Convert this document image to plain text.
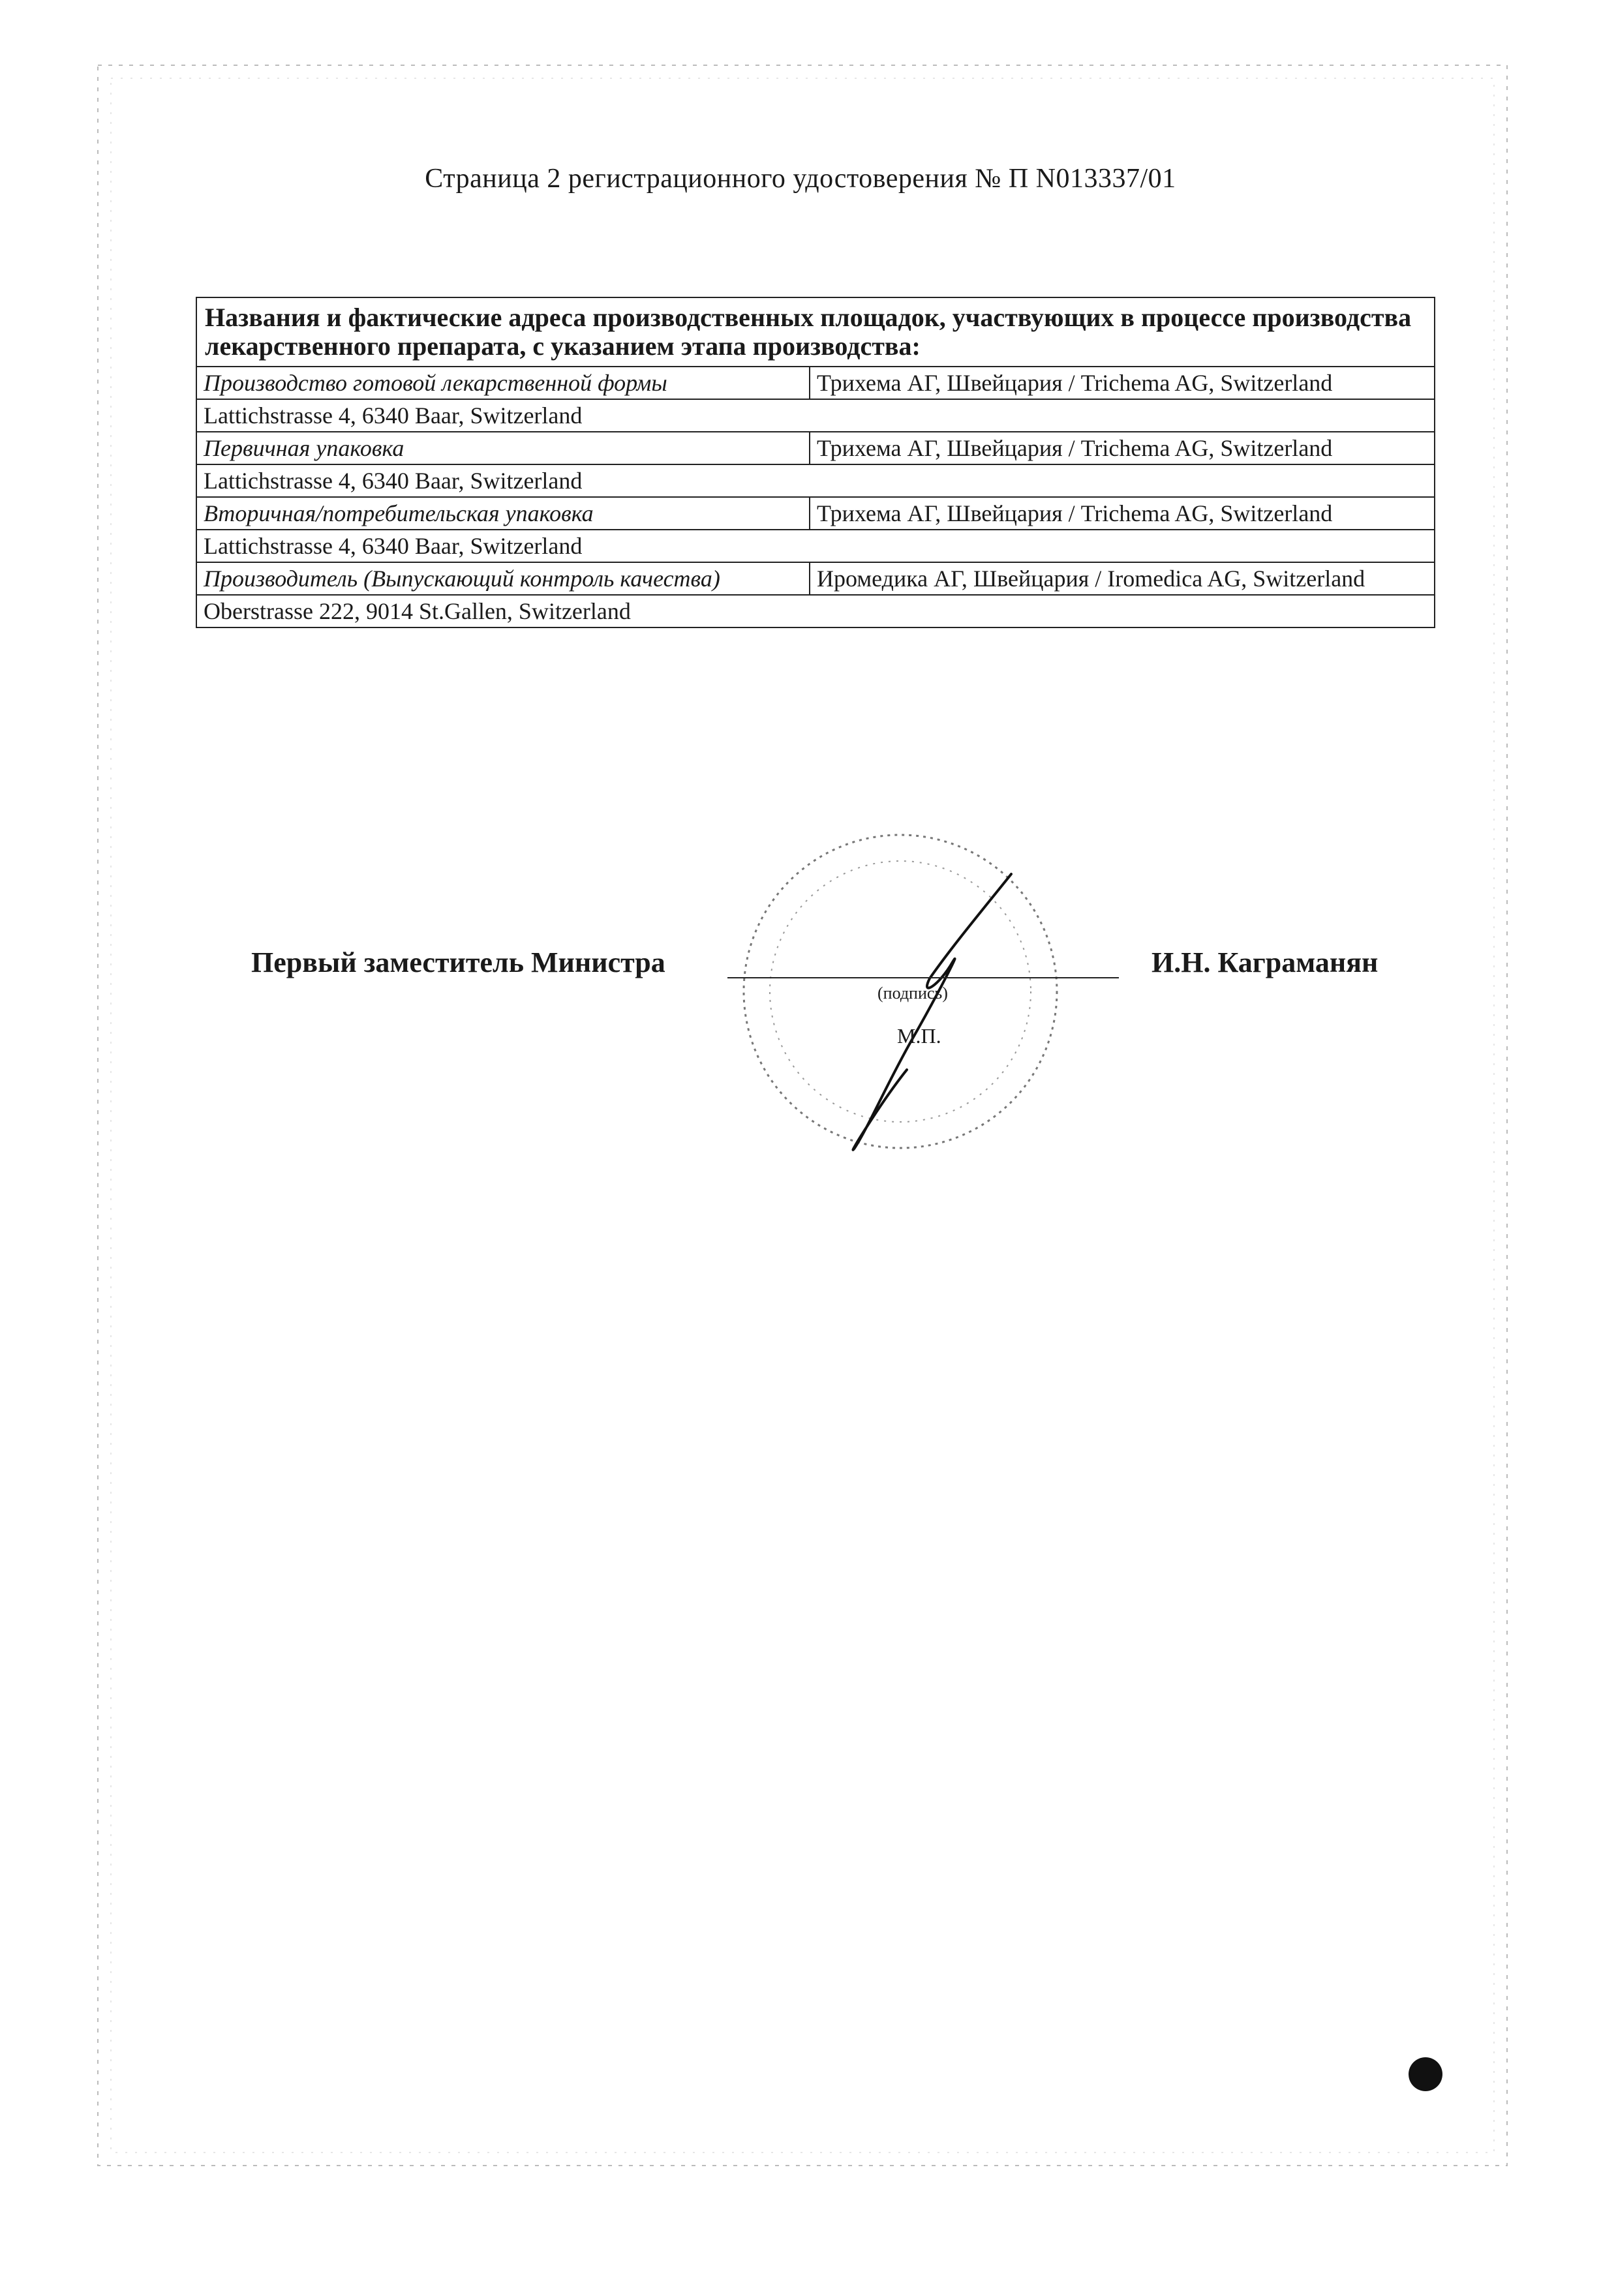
Страница 2 регистрационного удостоверения № П N013337/01
Названия и фактические адреса производственных площадок, участвующих в процессе производства лекарственного препарата, с указанием этапа производства:	
Производство готовой лекарственной формы	Трихема АГ, Швейцария / Trichema AG, Switzerland
Lattichstrasse 4, 6340 Baar, Switzerland	
Первичная упаковка	Трихема АГ, Швейцария / Trichema AG, Switzerland
Lattichstrasse 4, 6340 Baar, Switzerland	
Вторичная/потребительская упаковка	Трихема АГ, Швейцария / Trichema AG, Switzerland
Lattichstrasse 4, 6340 Baar, Switzerland	
Производитель (Выпускающий контроль качества)	Иромедика АГ, Швейцария / Iromedica AG, Switzerland
Oberstrasse 222, 9014 St.Gallen, Switzerland	
Первый заместитель Министра
(подпись)
М.П.
И.Н. Каграманян
